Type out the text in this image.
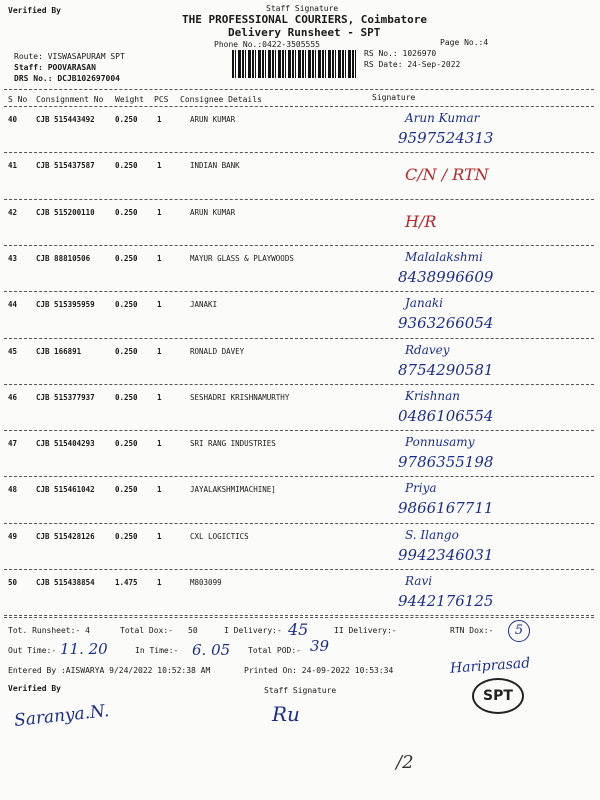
Verified By	Staff Signature
THE PROFESSIONAL COURIERS, Coimbatore
Delivery Runsheet - SPT
Phone No.:0422-3505555	Page No.:4
Route: VISWASAPURAM SPT
Staff: POOVARASAN
DRS No.: DCJB102697004
RS No.: 1026970
RS Date: 24-Sep-2022
S No Consignment No Weight PCS Consignee Details	Signature
40	CJB 515443492	0.250	1	ARUN KUMAR	Arun Kumar
9597524313
41	CJB 515437587	0.250	1	INDIAN BANK	C/N / RTN
42	CJB 515200110	0.250	1	ARUN KUMAR	H/R
43	CJB 88810506	0.250	1	MAYUR GLASS & PLAYWOODS	Malalakshmi
8438996609
44	CJB 515395959	0.250	1	JANAKI	Janaki
9363266054
45	CJB 166891	0.250	1	RONALD DAVEY	Rdavey
8754290581
46	CJB 515377937	0.250	1	SESHADRI KRISHNAMURTHY	Krishnan
0486106554
47	CJB 515404293	0.250	1	SRI RANG INDUSTRIES	Ponnusamy
9786355198
48	CJB 515461042	0.250	1	JAYALAKSHMIMACHINE]	Priya
9866167711
49	CJB 515428126	0.250	1	CXL LOGICTICS	S. Ilango
9942346031
50	CJB 515438854	1.475	1	M803099	Ravi
9442176125
Tot. Runsheet:- 4	Total Dox:- 50	I Delivery:- 45	II Delivery:-	RTN Dox:-	5
Out Time:- 11. 20	In Time:- 6. 05 Total POD:- 39
Entered By :AISWARYA 9/24/2022 10:52:38 AM	Printed On: 24-09-2022 10:53:34
Verified By	Staff Signature
Saranya.N.	Ru
Hariprasad
SPT
/2
